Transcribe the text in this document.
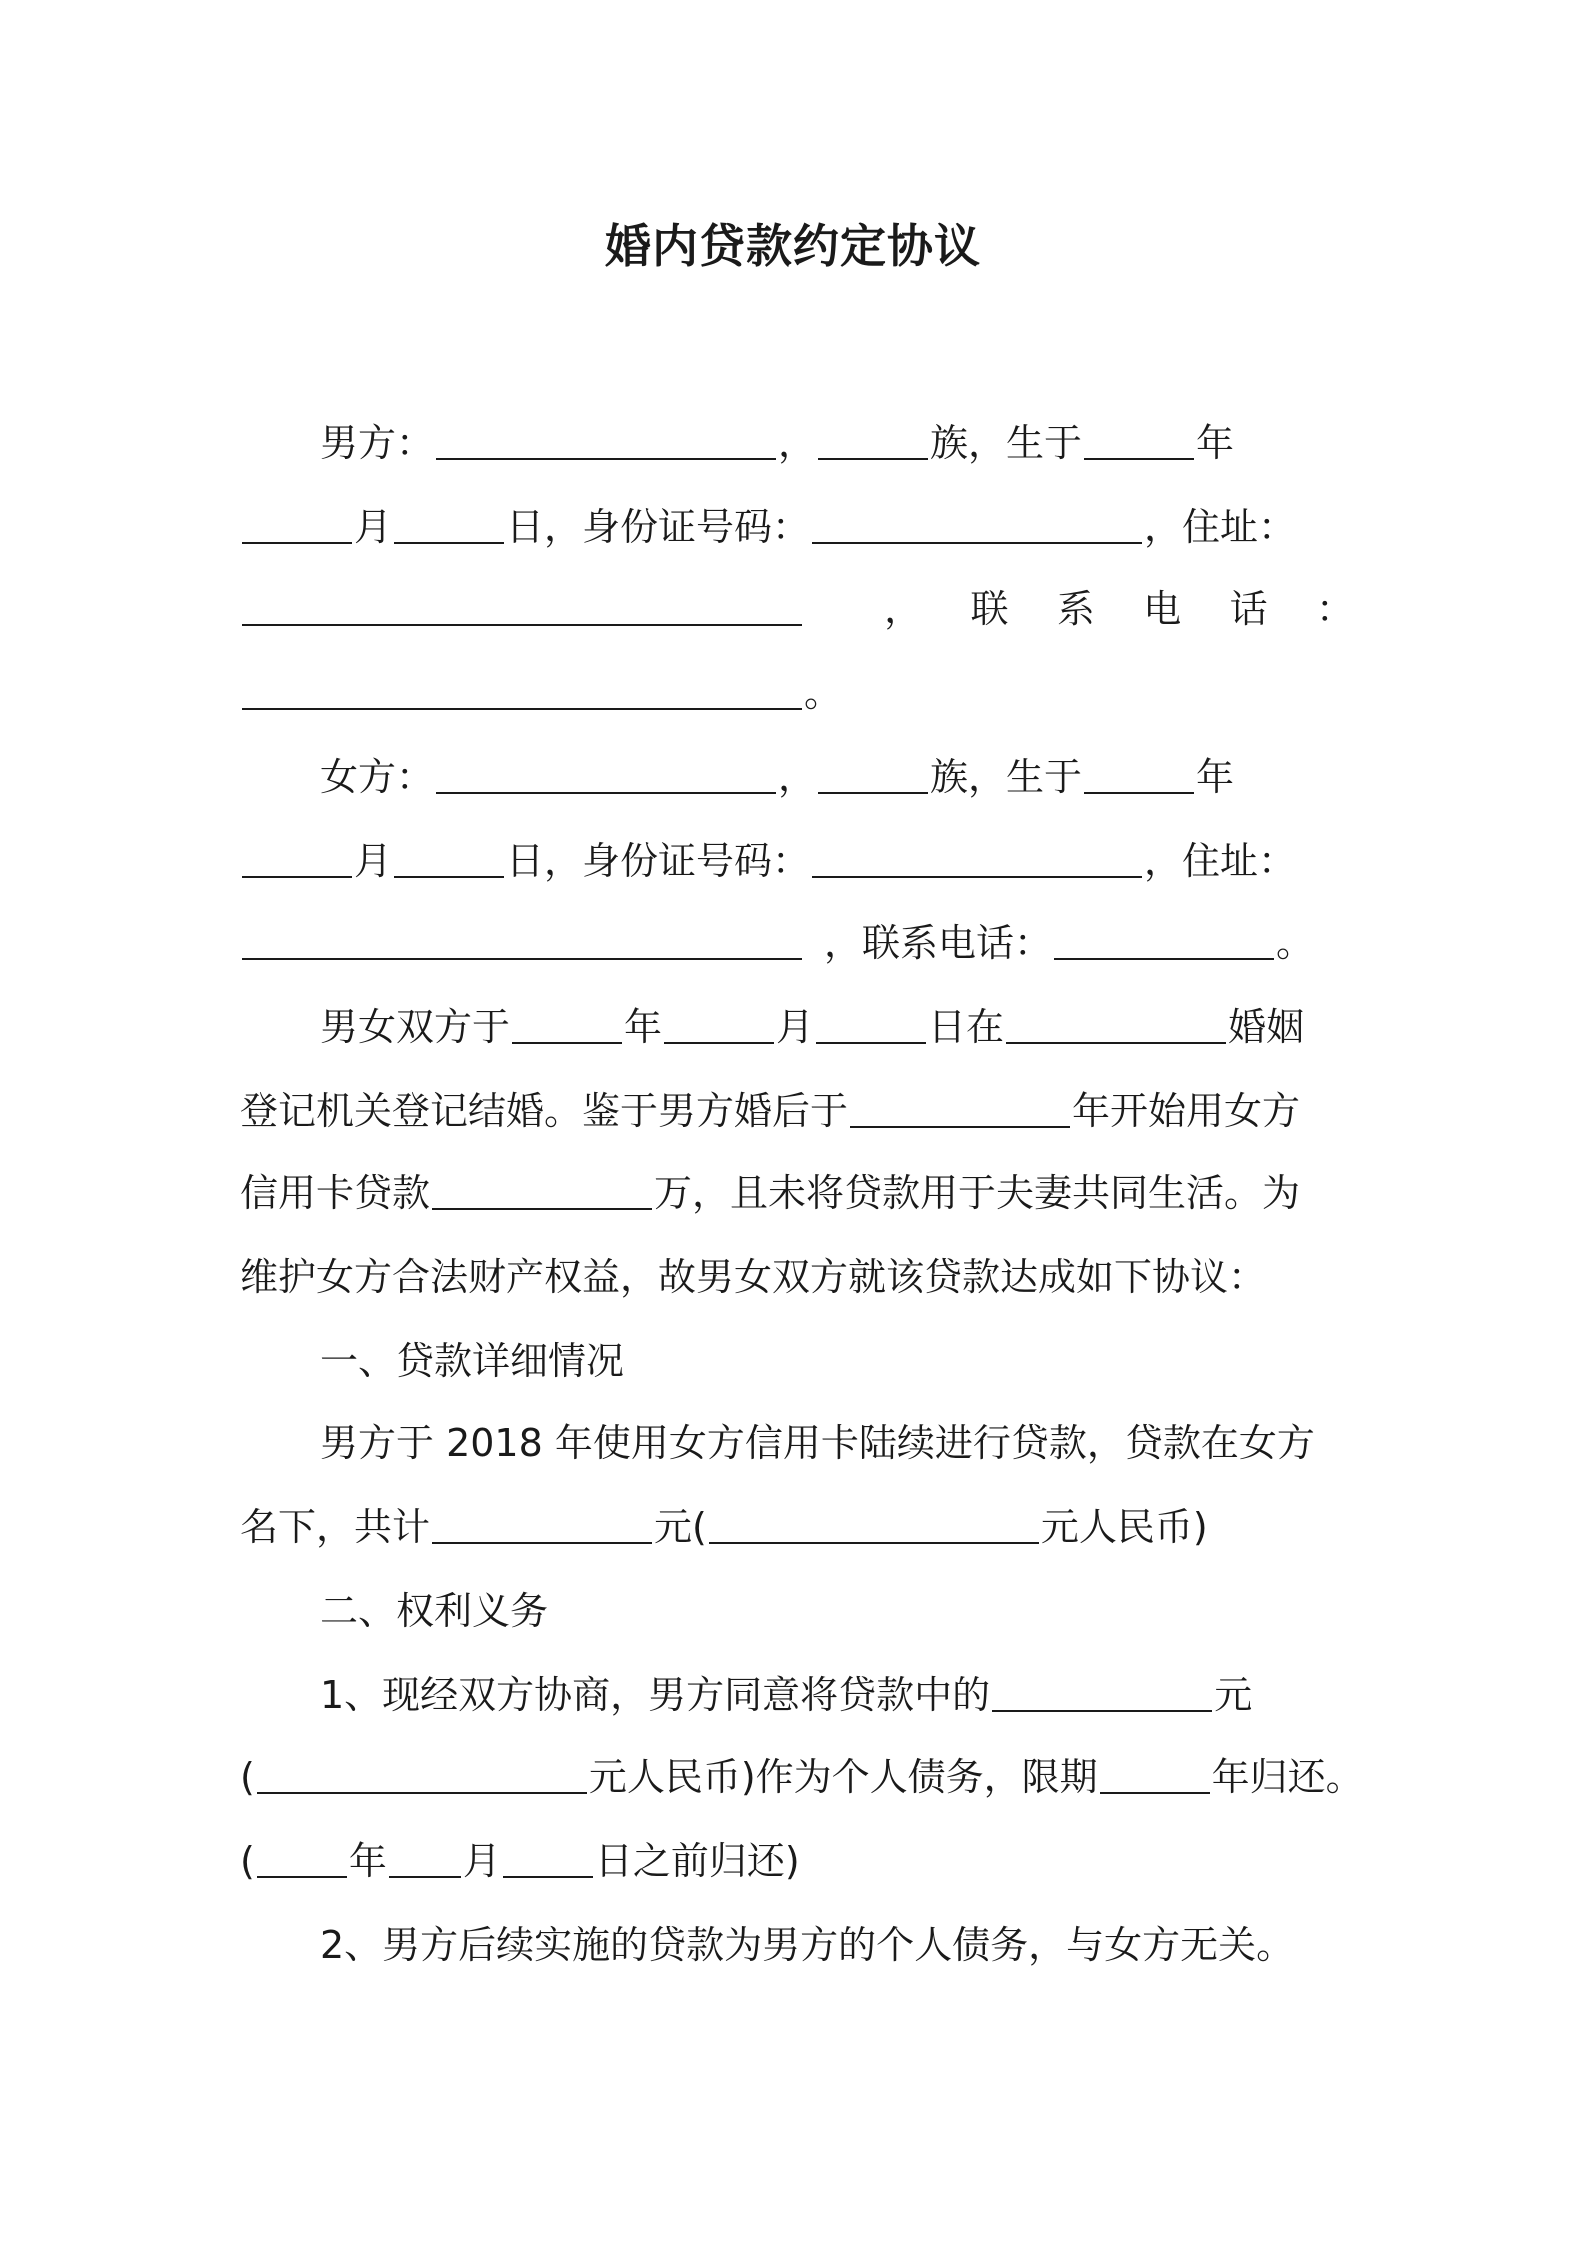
婚内贷款约定协议
男方：	，	族，生于	年
月	日，身份证号码：	，住址：

， 联 系 电 话 ：
。
女方：	，	族，生于	年
月	日，身份证号码：	，住址：
，联系电话：	。
男女双方于	年	月	日在	婚姻
登记机关登记结婚。鉴于男方婚后于	年开始用女方
信用卡贷款	万，且未将贷款用于夫妻共同生活。为
维护女方合法财产权益，故男女双方就该贷款达成如下协议：
一、贷款详细情况
男方于 2018 年使用女方信用卡陆续进行贷款，贷款在女方
名下，共计	元(	元人民币)
二、权利义务
1、现经双方协商，男方同意将贷款中的	元
(	元人民币)作为个人债务，限期	年归还。
( 年 月 日之前归还)
2、男方后续实施的贷款为男方的个人债务，与女方无关。
